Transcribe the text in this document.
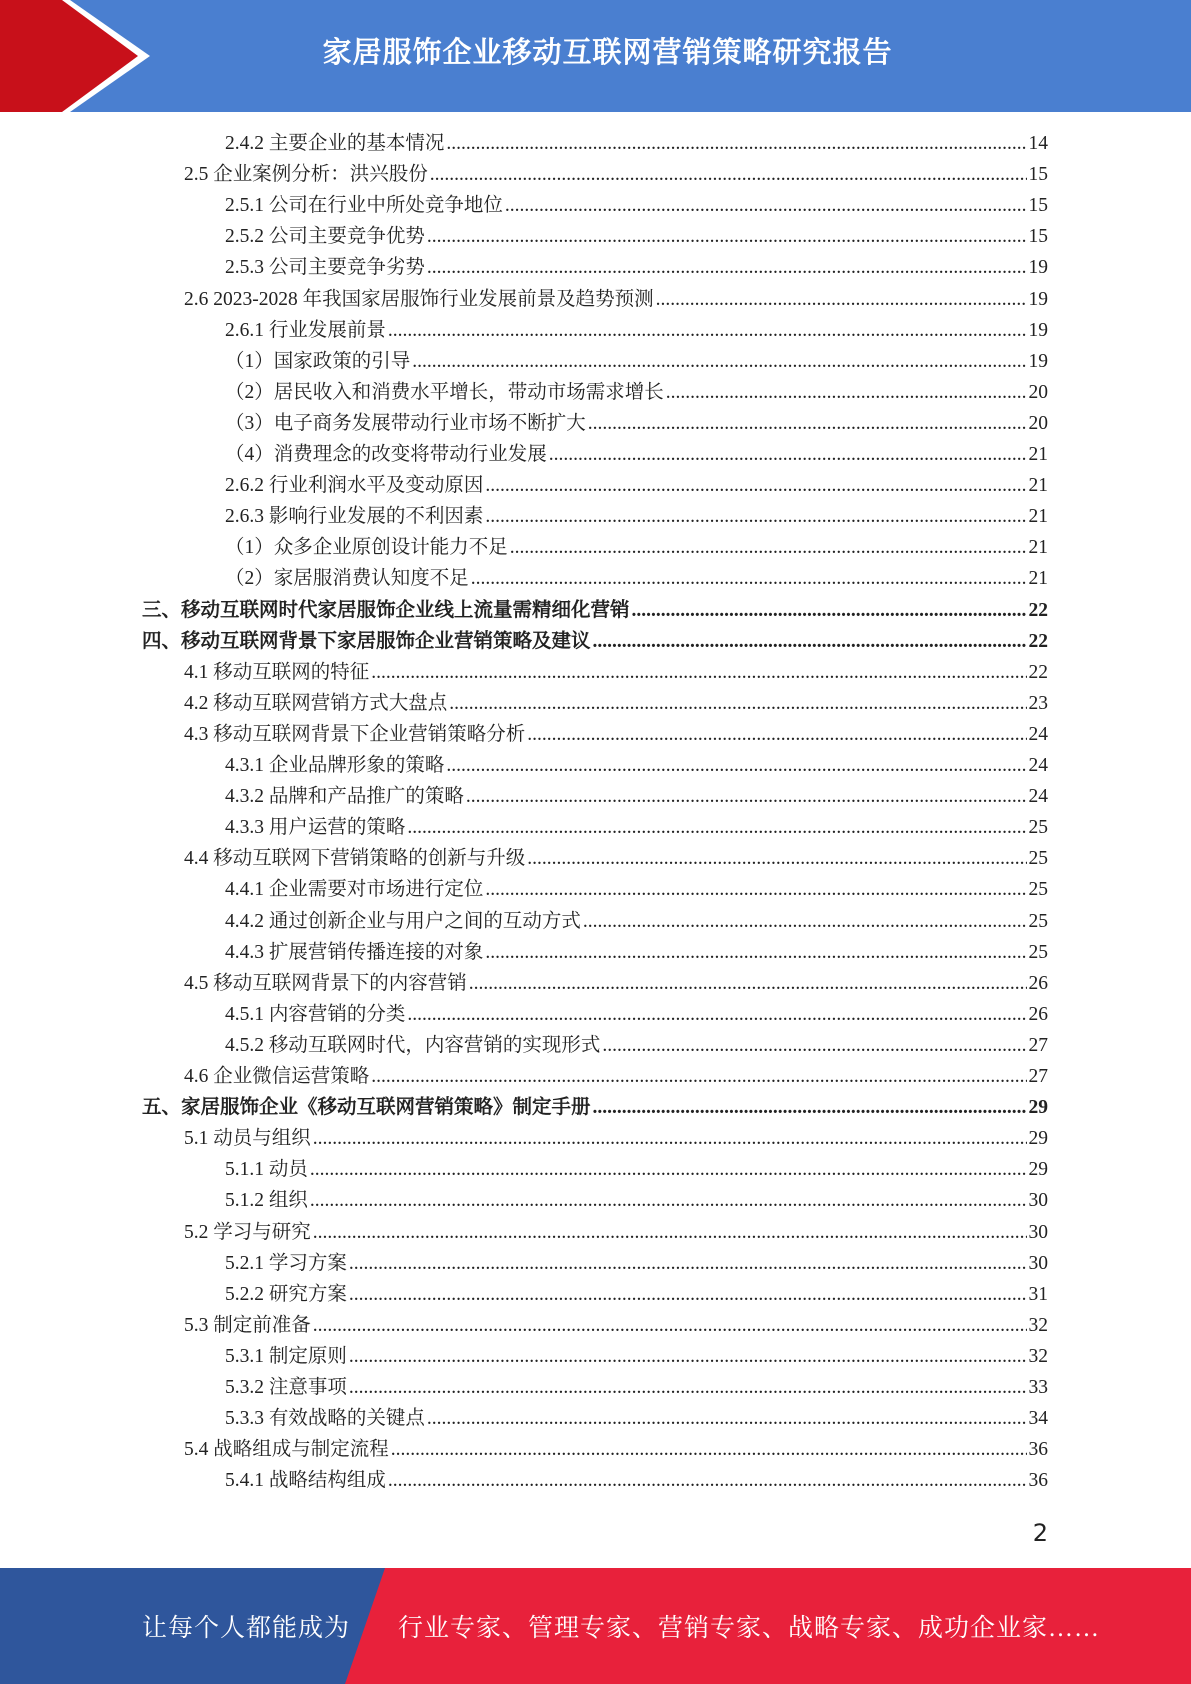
家居服饰企业移动互联网营销策略研究报告
2.4.2 主要企业的基本情况 .....	14
2.5 企业案例分析：洪兴股份 .....	15
2.5.1 公司在行业中所处竞争地位 .....	15
2.5.2 公司主要竞争优势 .....	15
2.5.3 公司主要竞争劣势 .....	19
2.6 2023-2028 年我国家居服饰行业发展前景及趋势预测 .....	19
2.6.1 行业发展前景 .....	19
（1）国家政策的引导 .....	19
（2）居民收入和消费水平增长，带动市场需求增长 .....	20
（3）电子商务发展带动行业市场不断扩大 .....	20
（4）消费理念的改变将带动行业发展 .....	21
2.6.2 行业利润水平及变动原因 .....	21
2.6.3 影响行业发展的不利因素 .....	21
（1）众多企业原创设计能力不足 .....	21
（2）家居服消费认知度不足 .....	21
三、移动互联网时代家居服饰企业线上流量需精细化营销 .....	22
四、移动互联网背景下家居服饰企业营销策略及建议 .....	22
4.1 移动互联网的特征 .....	22
4.2 移动互联网营销方式大盘点 .....	23
4.3 移动互联网背景下企业营销策略分析 .....	24
4.3.1 企业品牌形象的策略 .....	24
4.3.2 品牌和产品推广的策略 .....	24
4.3.3 用户运营的策略 .....	25
4.4 移动互联网下营销策略的创新与升级 .....	25
4.4.1 企业需要对市场进行定位 .....	25
4.4.2 通过创新企业与用户之间的互动方式 .....	25
4.4.3 扩展营销传播连接的对象 .....	25
4.5 移动互联网背景下的内容营销 .....	26
4.5.1 内容营销的分类 .....	26
4.5.2 移动互联网时代，内容营销的实现形式 .....	27
4.6 企业微信运营策略 .....	27
五、家居服饰企业《移动互联网营销策略》制定手册 .....	29
5.1 动员与组织 .....	29
5.1.1 动员 .....	29
5.1.2 组织 .....	30
5.2 学习与研究 .....	30
5.2.1 学习方案 .....	30
5.2.2 研究方案 .....	31
5.3 制定前准备 .....	32
5.3.1 制定原则 .....	32
5.3.2 注意事项 .....	33
5.3.3 有效战略的关键点 .....	34
5.4 战略组成与制定流程 .....	36
5.4.1 战略结构组成 .....	36
2
让每个人都能成为 行业专家、管理专家、营销专家、战略专家、成功企业家……
